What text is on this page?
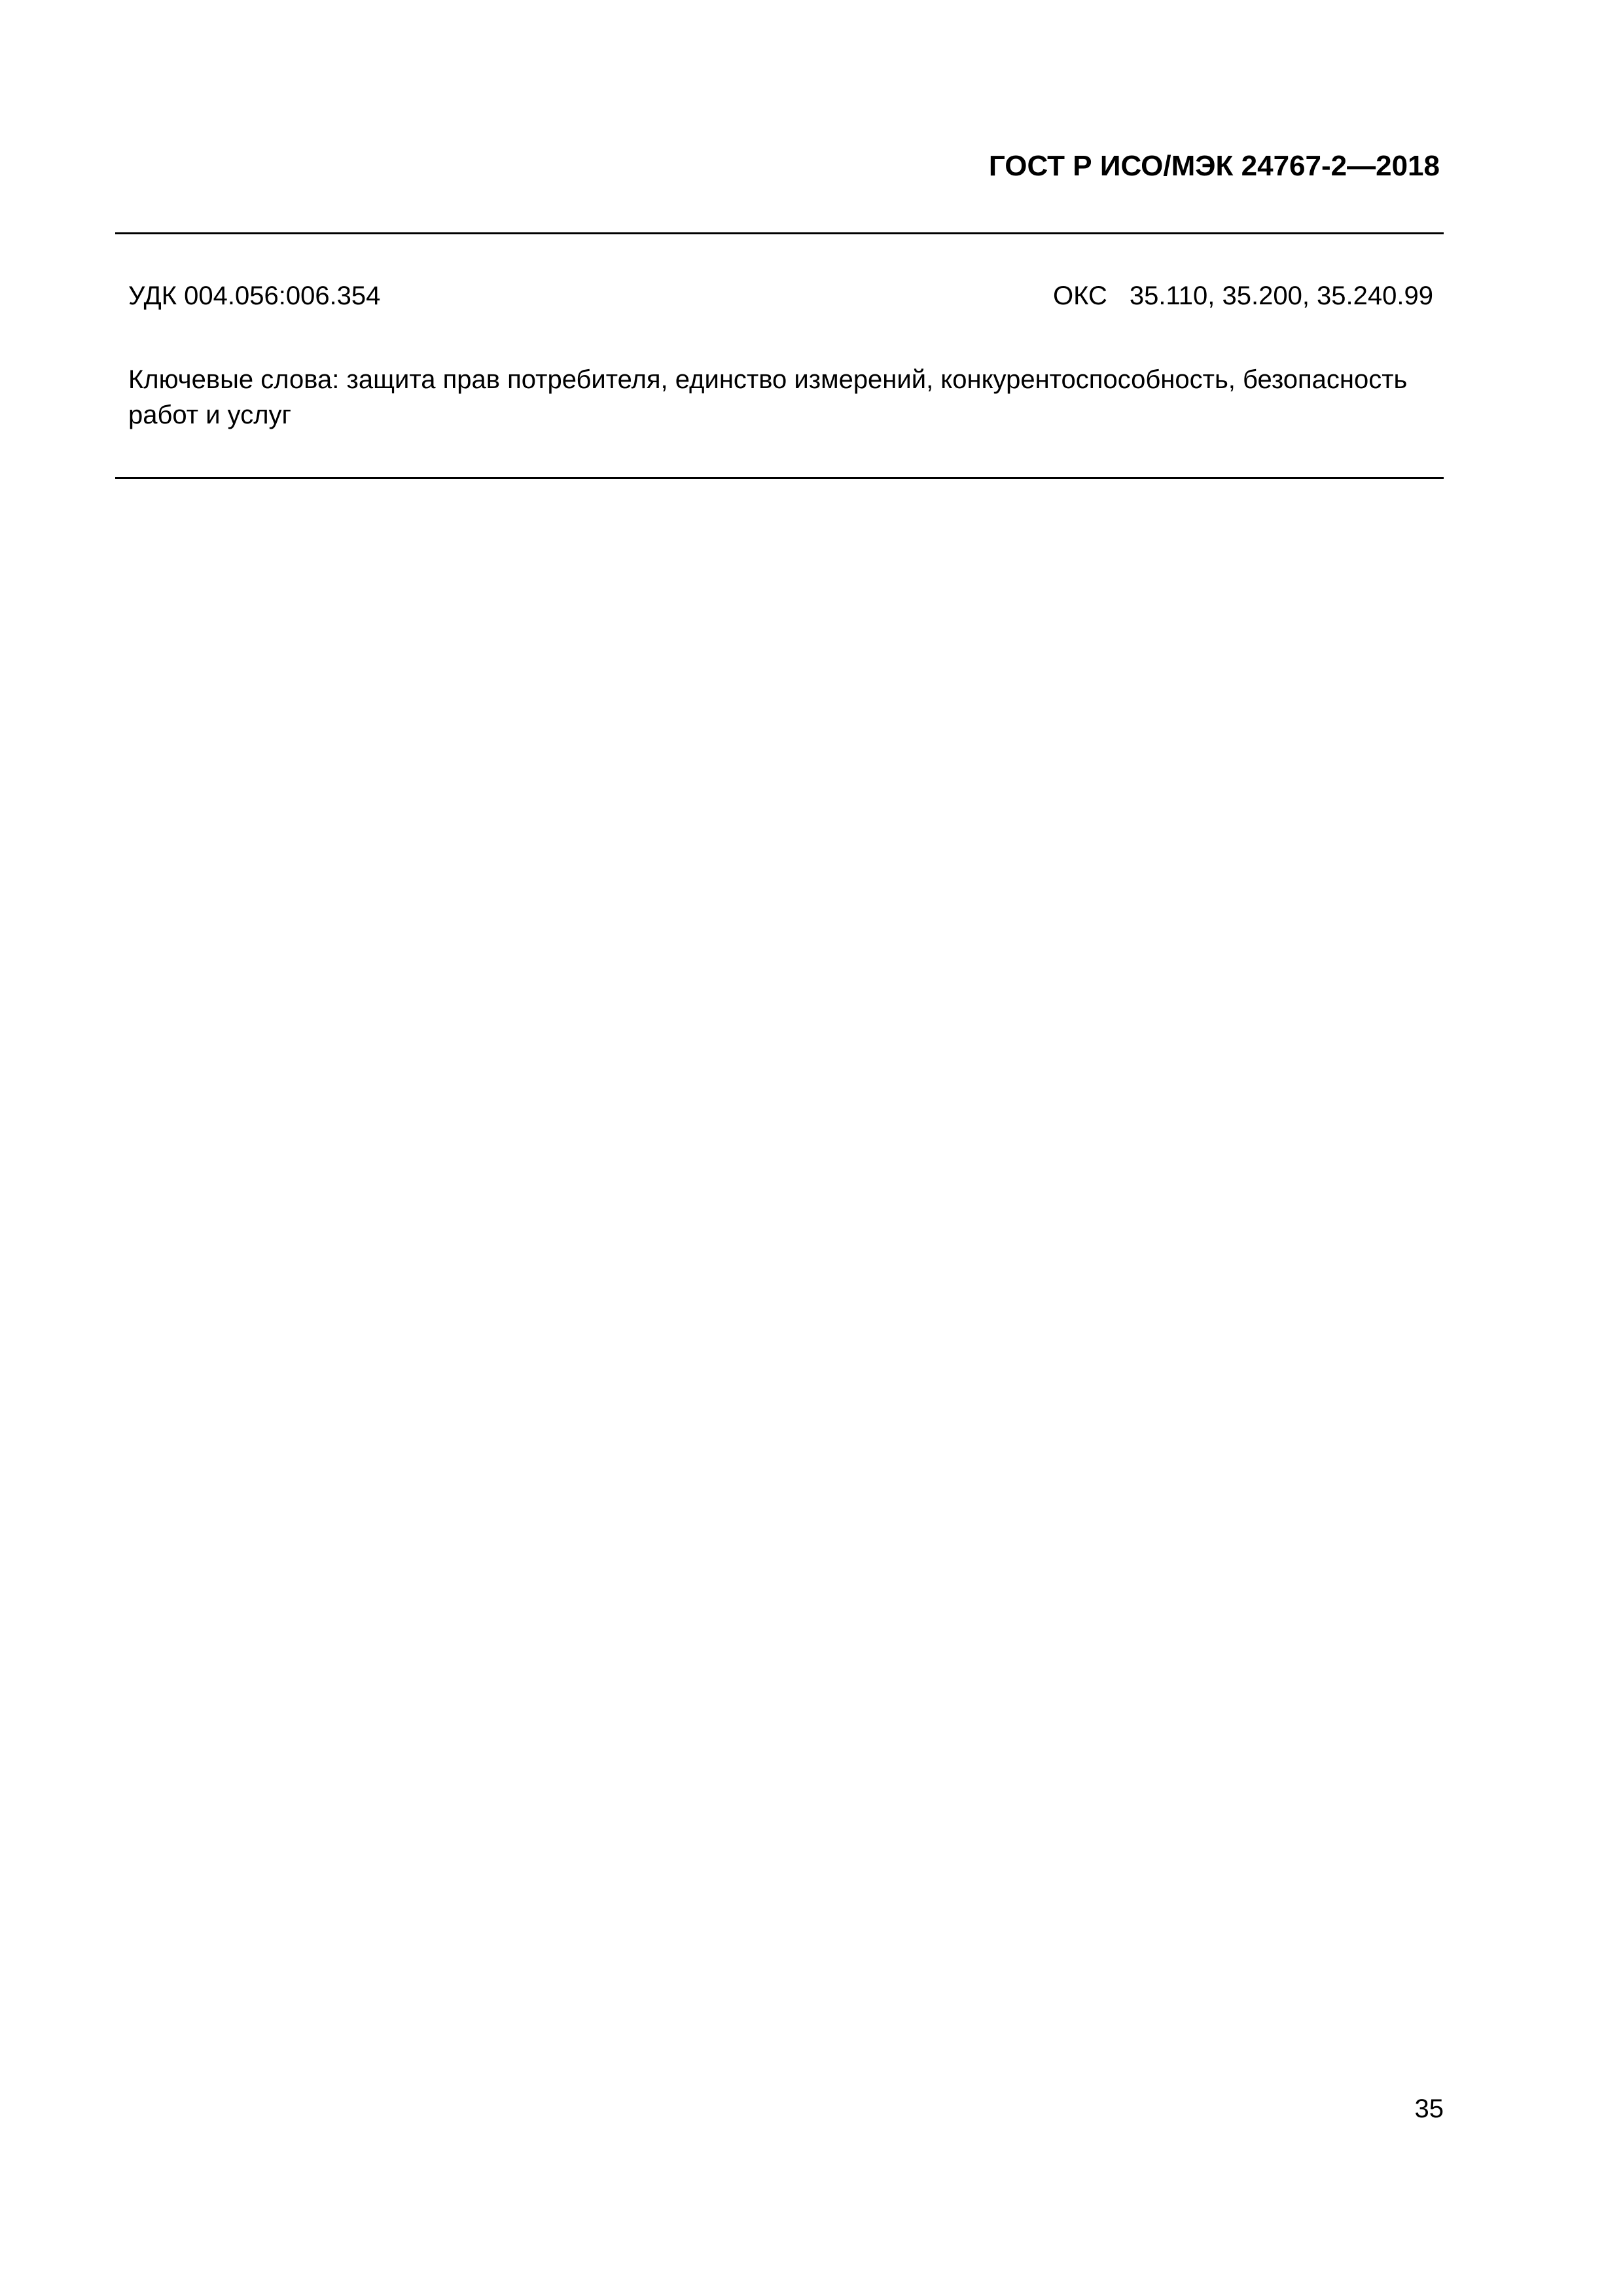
ГОСТ Р ИСО/МЭК 24767-2—2018
УДК 004.056:006.354	ОКС 35.110, 35.200, 35.240.99
Ключевые слова: защита прав потребителя, единство измерений, конкурентоспособность, безопасность работ и услуг
35
